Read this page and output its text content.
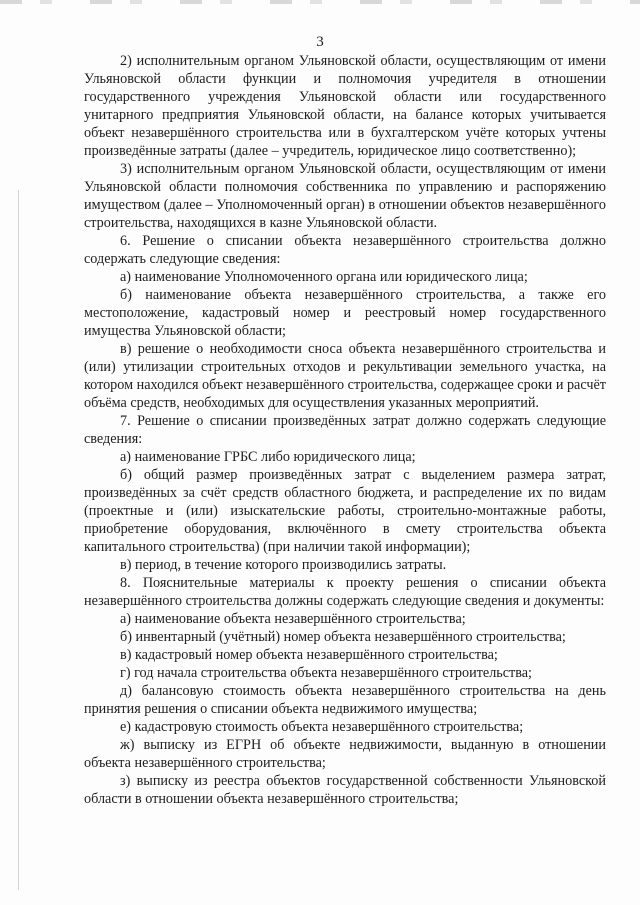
3

2) исполнительным органом Ульяновской области, осуществляющим от имени Ульяновской области функции и полномочия учредителя в отношении государственного учреждения Ульяновской области или государственного унитарного предприятия Ульяновской области, на балансе которых учитывается объект незавершённого строительства или в бухгалтерском учёте которых учтены произведённые затраты (далее – учредитель, юридическое лицо соответственно);

3) исполнительным органом Ульяновской области, осуществляющим от имени Ульяновской области полномочия собственника по управлению и распоряжению имуществом (далее – Уполномоченный орган) в отношении объектов незавершённого строительства, находящихся в казне Ульяновской области.

6. Решение о списании объекта незавершённого строительства должно содержать следующие сведения:

а) наименование Уполномоченного органа или юридического лица;

б) наименование объекта незавершённого строительства, а также его местоположение, кадастровый номер и реестровый номер государственного имущества Ульяновской области;

в) решение о необходимости сноса объекта незавершённого строительства и (или) утилизации строительных отходов и рекультивации земельного участка, на котором находился объект незавершённого строительства, содержащее сроки и расчёт объёма средств, необходимых для осуществления указанных мероприятий.

7. Решение о списании произведённых затрат должно содержать следующие сведения:

а) наименование ГРБС либо юридического лица;

б) общий размер произведённых затрат с выделением размера затрат, произведённых за счёт средств областного бюджета, и распределение их по видам (проектные и (или) изыскательские работы, строительно-монтажные работы, приобретение оборудования, включённого в смету строительства объекта капитального строительства) (при наличии такой информации);

в) период, в течение которого производились затраты.

8. Пояснительные материалы к проекту решения о списании объекта незавершённого строительства должны содержать следующие сведения и документы:

а) наименование объекта незавершённого строительства;

б) инвентарный (учётный) номер объекта незавершённого строительства;

в) кадастровый номер объекта незавершённого строительства;

г) год начала строительства объекта незавершённого строительства;

д) балансовую стоимость объекта незавершённого строительства на день принятия решения о списании объекта недвижимого имущества;

е) кадастровую стоимость объекта незавершённого строительства;

ж) выписку из ЕГРН об объекте недвижимости, выданную в отношении объекта незавершённого строительства;

з) выписку из реестра объектов государственной собственности Ульяновской области в отношении объекта незавершённого строительства;
